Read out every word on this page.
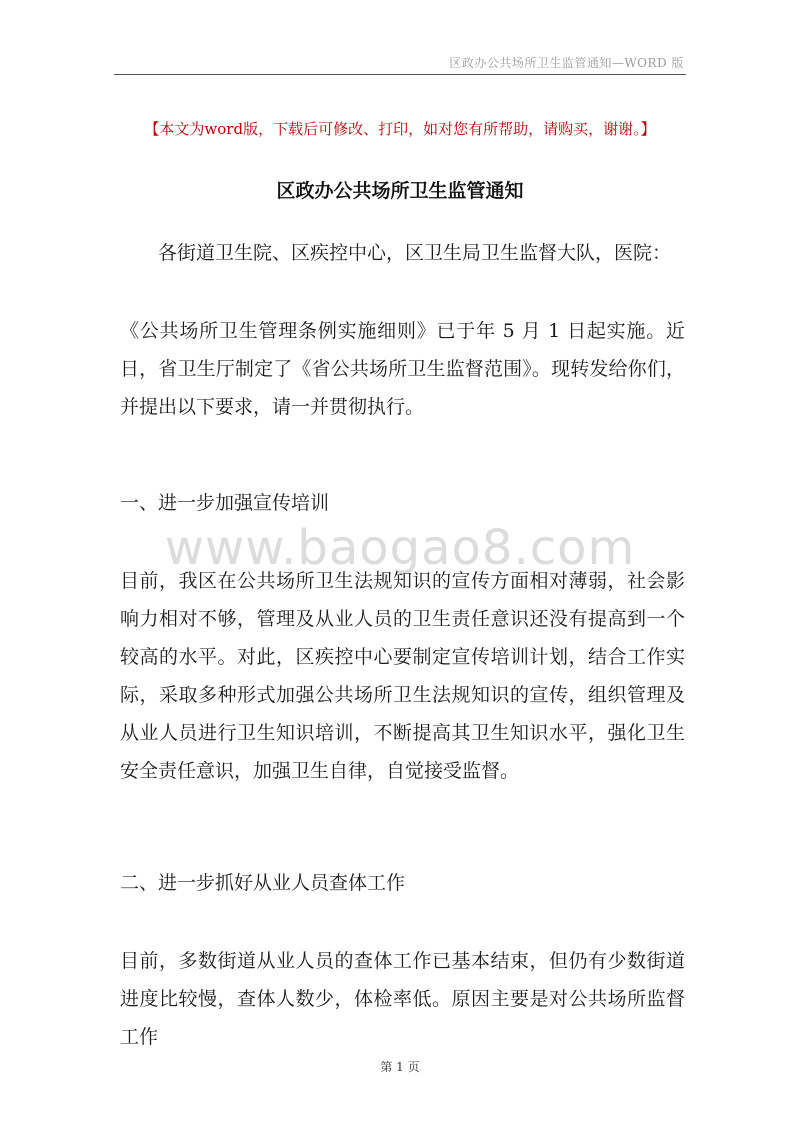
区政办公共场所卫生监管通知—WORD 版
【本文为word版，下载后可修改、打印，如对您有所帮助，请购买，谢谢。】
区政办公共场所卫生监管通知
各街道卫生院、区疾控中心，区卫生局卫生监督大队，医院：
《公共场所卫生管理条例实施细则》已于年 5 月 1 日起实施。近日，省卫生厅制定了《省公共场所卫生监督范围》。现转发给你们，并提出以下要求，请一并贯彻执行。
一、进一步加强宣传培训
www.baogao8.com
目前，我区在公共场所卫生法规知识的宣传方面相对薄弱，社会影响力相对不够，管理及从业人员的卫生责任意识还没有提高到一个较高的水平。对此，区疾控中心要制定宣传培训计划，结合工作实际，采取多种形式加强公共场所卫生法规知识的宣传，组织管理及从业人员进行卫生知识培训，不断提高其卫生知识水平，强化卫生安全责任意识，加强卫生自律，自觉接受监督。
二、进一步抓好从业人员查体工作
目前，多数街道从业人员的查体工作已基本结束，但仍有少数街道进度比较慢，查体人数少，体检率低。原因主要是对公共场所监督工作
第 1 页
